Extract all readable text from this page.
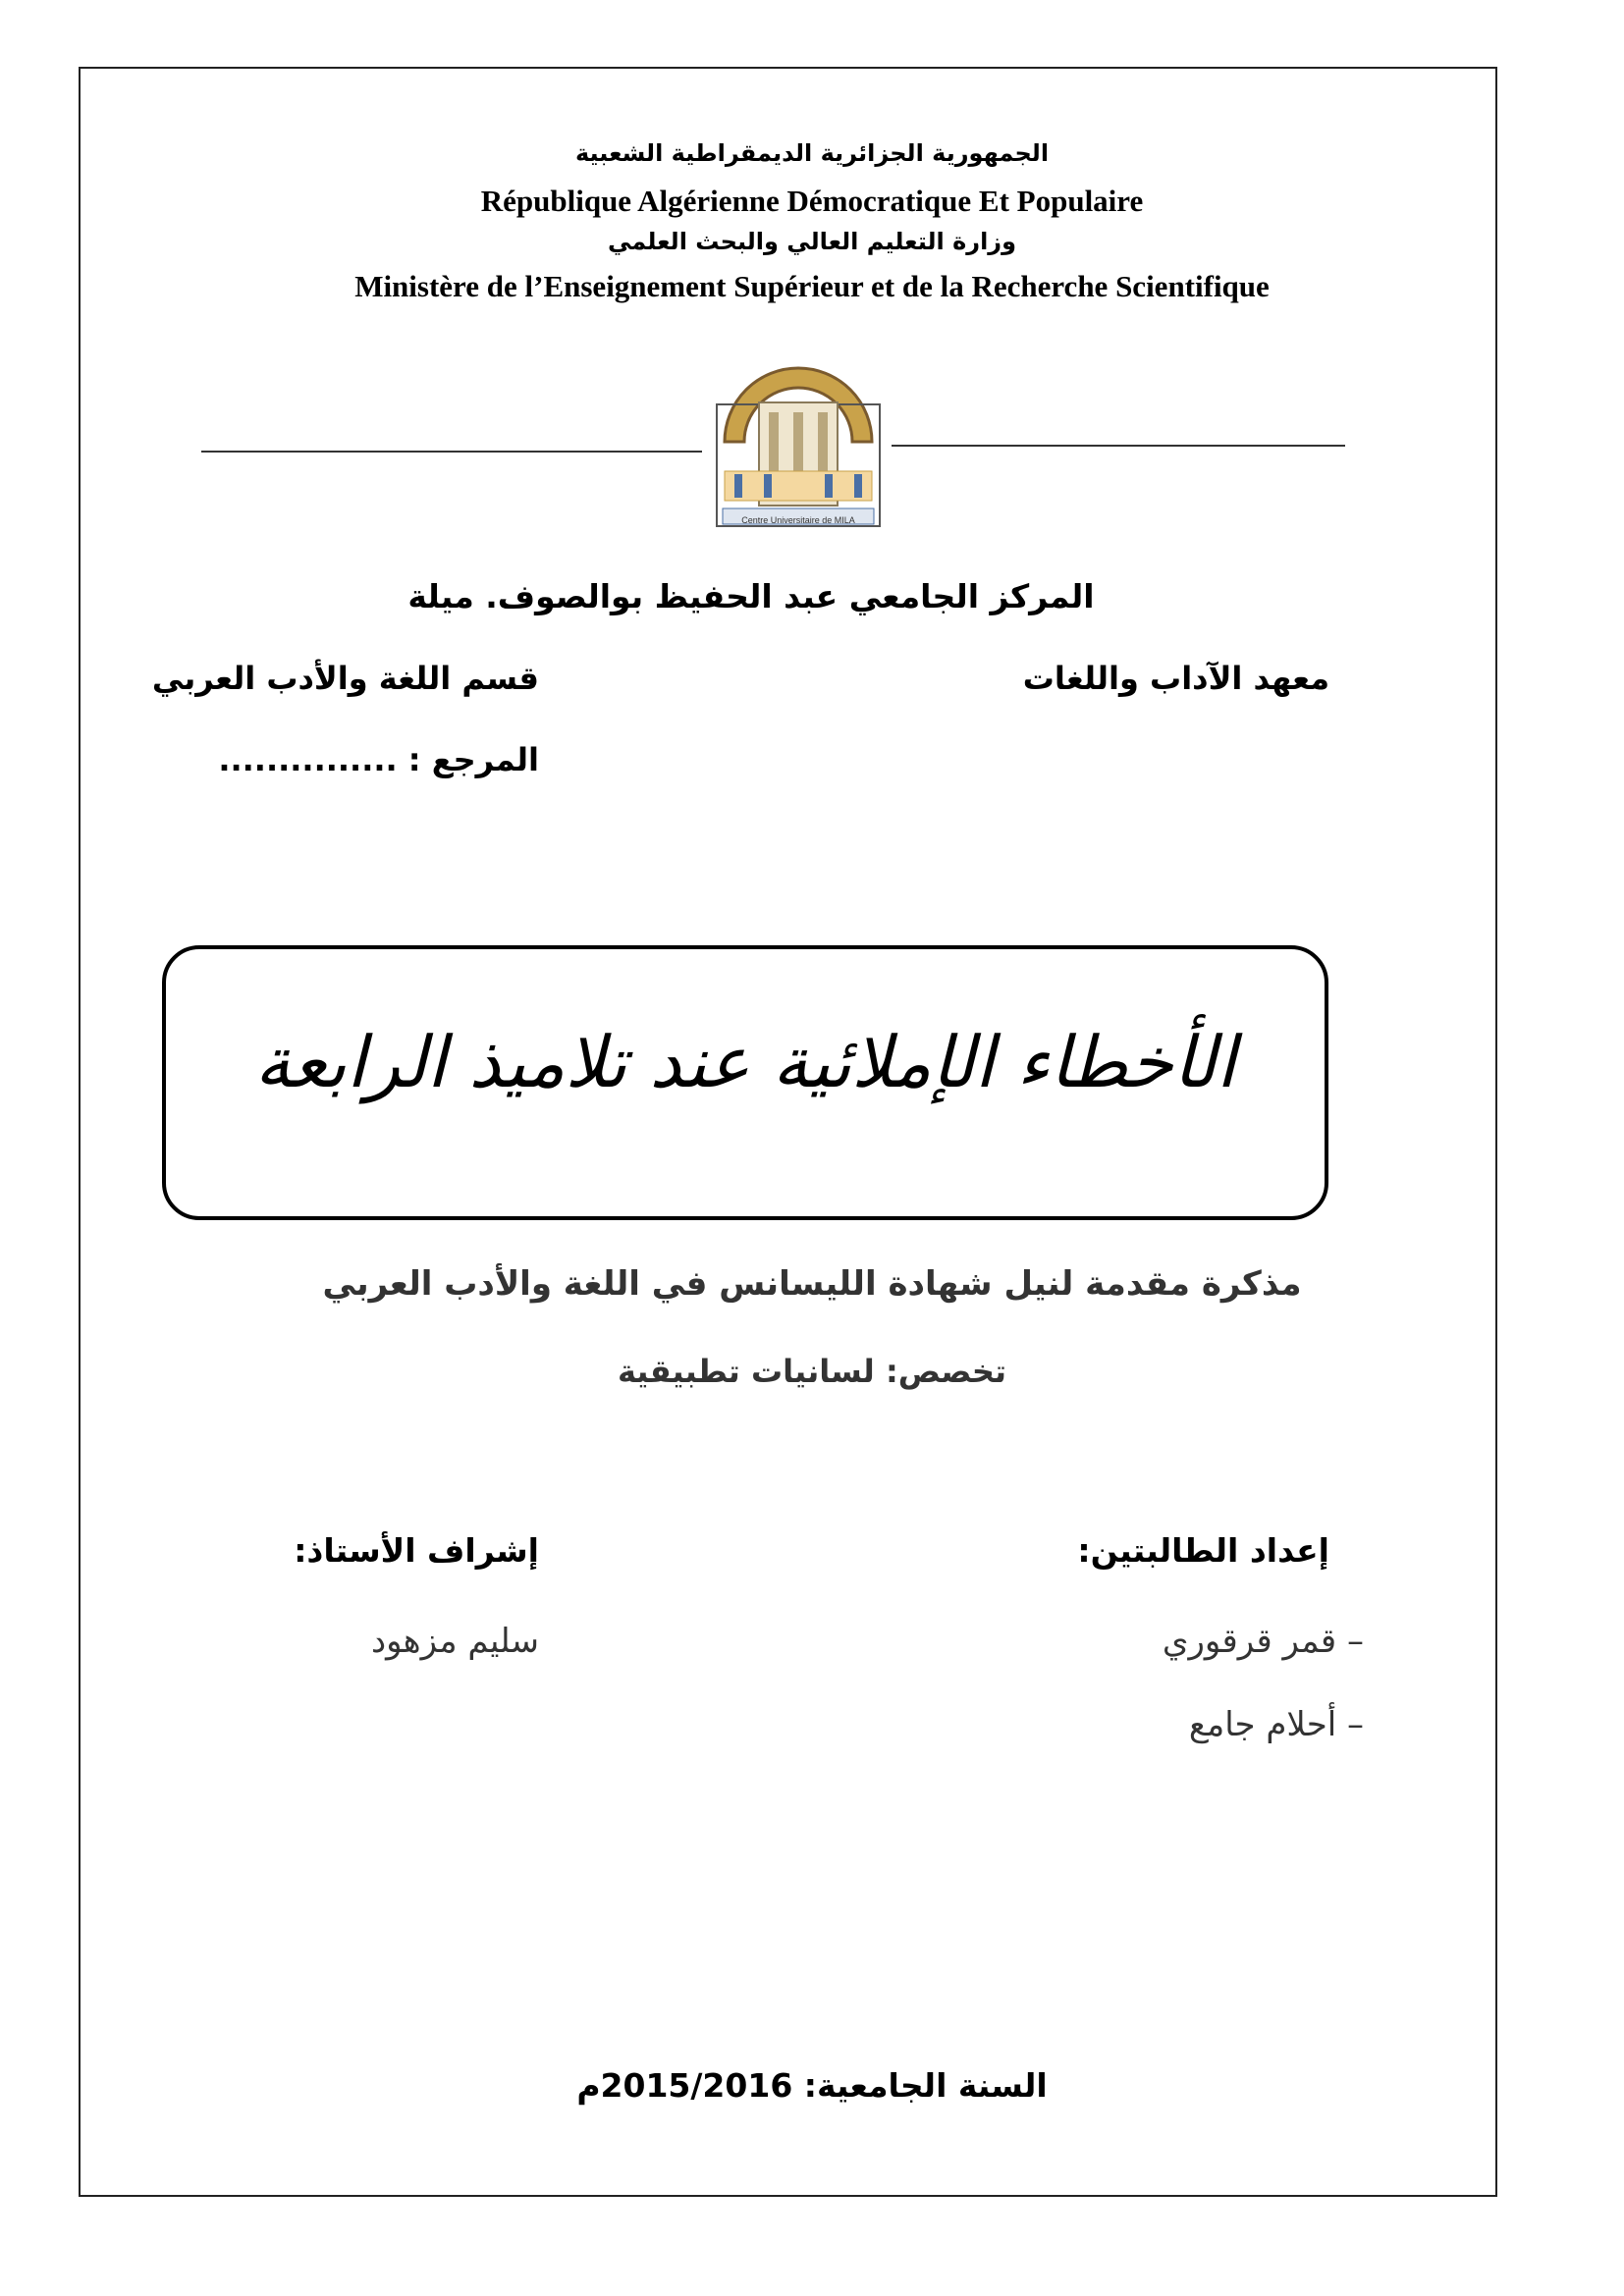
الجمهورية الجزائرية الديمقراطية الشعبية
République Algérienne Démocratique Et Populaire
وزارة التعليم العالي والبحث العلمي
Ministère de l’Enseignement Supérieur et de la Recherche Scientifique
Centre Universitaire de MILA
المركز الجامعي عبد الحفيظ بوالصوف. ميلة
معهد الآداب واللغات
قسم اللغة والأدب العربي
المرجع : ...............
الأخطاء الإملائية عند تلاميذ الرابعة
مذكرة مقدمة لنيل شهادة الليسانس في اللغة والأدب العربي
تخصص: لسانيات تطبيقية
إعداد الطالبتين:
– قمر قرقوري
– أحلام جامع
إشراف الأستاذ:
سليم مزهود
السنة الجامعية: 2015/2016م
